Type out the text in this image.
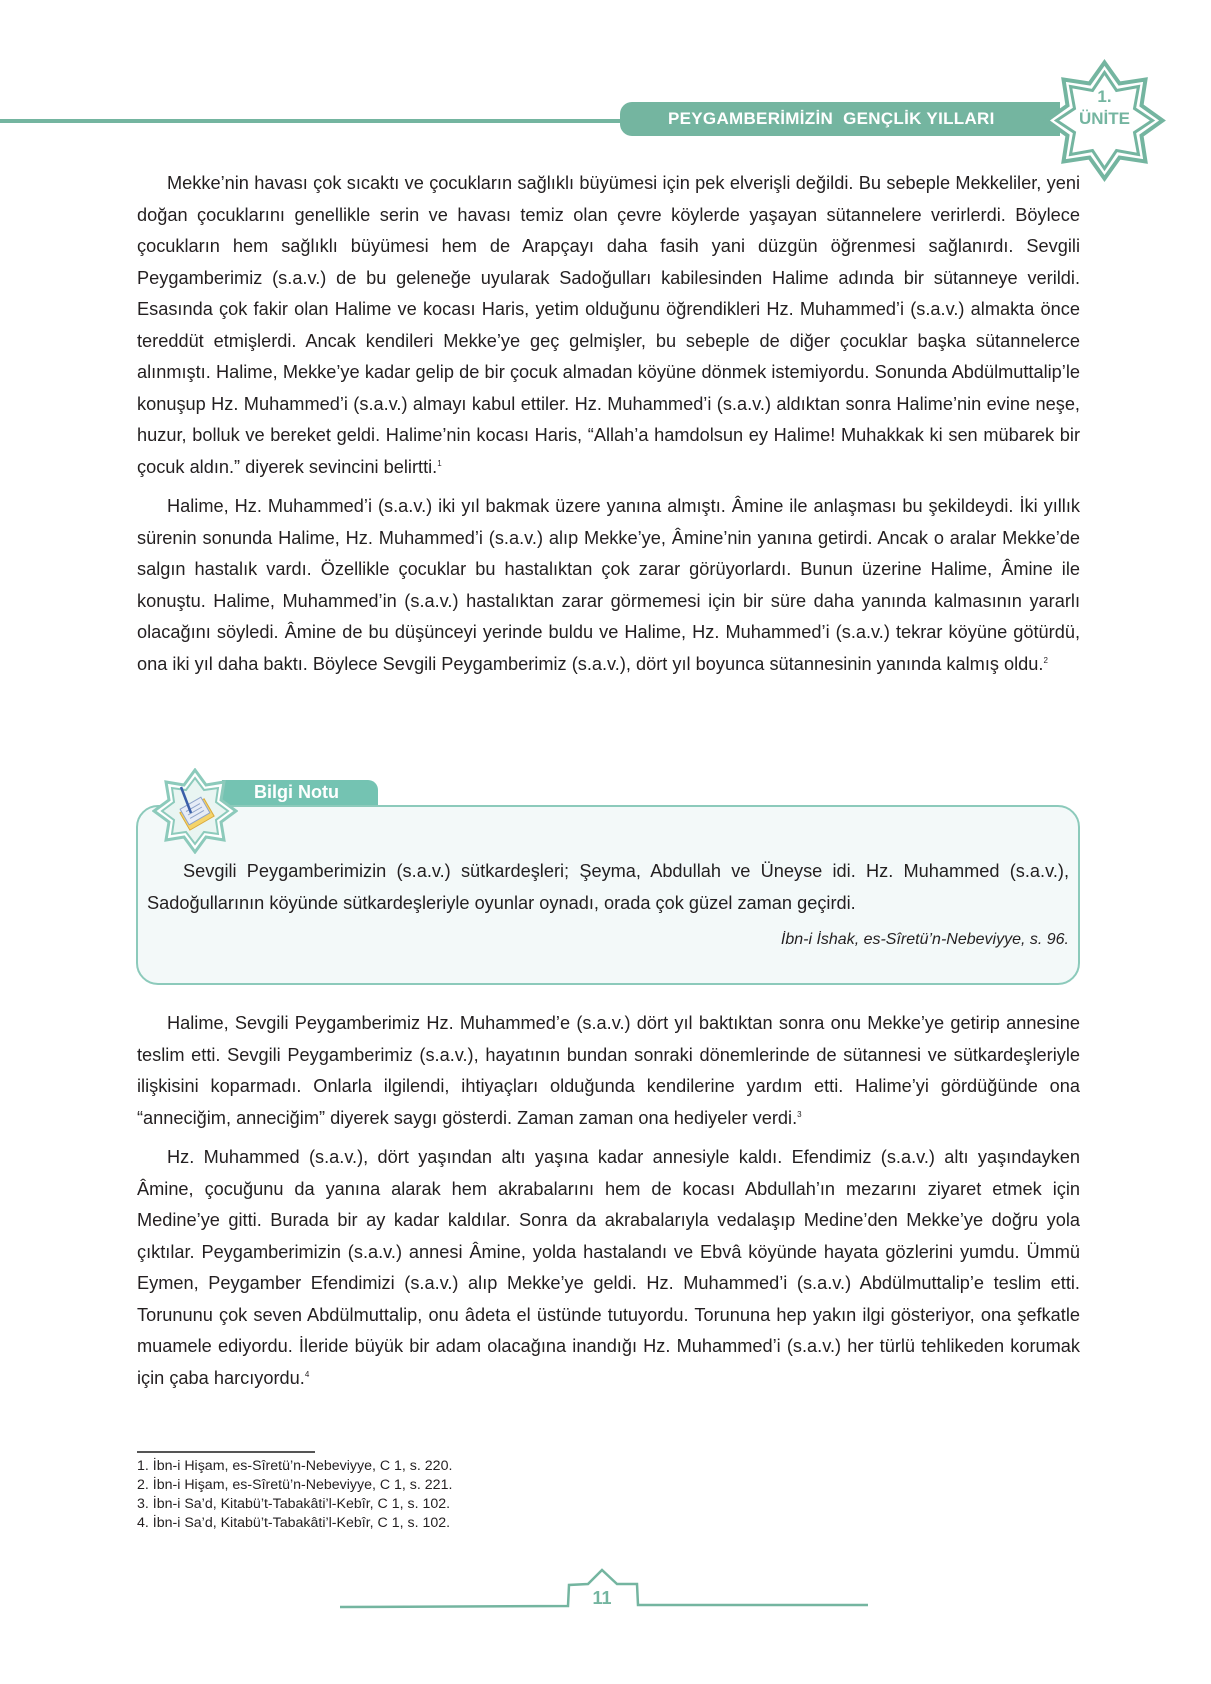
PEYGAMBERİMİZİN  GENÇLİK YILLARI
1.
ÜNİTE

Mekke’nin havası çok sıcaktı ve çocukların sağlıklı büyümesi için pek elverişli değildi. Bu sebeple Mekkeliler, yeni doğan çocuklarını genellikle serin ve havası temiz olan çevre köylerde yaşayan sütannelere verirlerdi. Böylece çocukların hem sağlıklı büyümesi hem de Arapçayı daha fasih yani düzgün öğrenmesi sağlanırdı. Sevgili Peygamberimiz (s.a.v.) de bu geleneğe uyularak Sadoğulları kabilesinden Halime adında bir sütanneye verildi. Esasında çok fakir olan Halime ve kocası Haris, yetim olduğunu öğrendikleri Hz. Muhammed’i (s.a.v.) almakta önce tereddüt etmişlerdi. Ancak kendileri Mekke’ye geç gelmişler, bu sebeple de diğer çocuklar başka sütannelerce alınmıştı. Halime, Mekke’ye kadar gelip de bir çocuk almadan köyüne dönmek istemiyordu. Sonunda Abdülmuttalip’le konuşup Hz. Muhammed’i (s.a.v.) almayı kabul ettiler. Hz. Muhammed’i (s.a.v.) aldıktan sonra Halime’nin evine neşe, huzur, bolluk ve bereket geldi. Halime’nin kocası Haris, “Allah’a hamdolsun ey Halime! Muhakkak ki sen mübarek bir çocuk aldın.” diyerek sevincini belirtti.$^1$

Halime, Hz. Muhammed’i (s.a.v.) iki yıl bakmak üzere yanına almıştı. Âmine ile anlaşması bu şekildeydi. İki yıllık sürenin sonunda Halime, Hz. Muhammed’i (s.a.v.) alıp Mekke’ye, Âmine’nin yanına getirdi. Ancak o aralar Mekke’de salgın hastalık vardı. Özellikle çocuklar bu hastalıktan çok zarar görüyorlardı. Bunun üzerine Halime, Âmine ile konuştu. Halime, Muhammed’in (s.a.v.) hastalıktan zarar görmemesi için bir süre daha yanında kalmasının yararlı olacağını söyledi. Âmine de bu düşünceyi yerinde buldu ve Halime, Hz. Muhammed’i (s.a.v.) tekrar köyüne götürdü, ona iki yıl daha baktı. Böylece Sevgili Peygamberimiz (s.a.v.), dört yıl boyunca sütannesinin yanında kalmış oldu.$^2$

Bilgi Notu

Sevgili Peygamberimizin (s.a.v.) sütkardeşleri; Şeyma, Abdullah ve Üneyse idi. Hz. Muhammed (s.a.v.), Sadoğullarının köyünde sütkardeşleriyle oyunlar oynadı, orada çok güzel zaman geçirdi.

İbn-i İshak, es-Sîretü’n-Nebeviyye, s. 96.

Halime, Sevgili Peygamberimiz Hz. Muhammed’e (s.a.v.) dört yıl baktıktan sonra onu Mekke’ye getirip annesine teslim etti. Sevgili Peygamberimiz (s.a.v.), hayatının bundan sonraki dönemlerinde de sütannesi ve sütkardeşleriyle ilişkisini koparmadı. Onlarla ilgilendi, ihtiyaçları olduğunda kendilerine yardım etti. Halime’yi gördüğünde ona “anneciğim, anneciğim” diyerek saygı gösterdi. Zaman zaman ona hediyeler verdi.$^3$

Hz. Muhammed (s.a.v.), dört yaşından altı yaşına kadar annesiyle kaldı. Efendimiz (s.a.v.) altı yaşındayken Âmine, çocuğunu da yanına alarak hem akrabalarını hem de kocası Abdullah’ın mezarını ziyaret etmek için Medine’ye gitti. Burada bir ay kadar kaldılar. Sonra da akrabalarıyla vedalaşıp Medine’den Mekke’ye doğru yola çıktılar. Peygamberimizin (s.a.v.) annesi Âmine, yolda hastalandı ve Ebvâ köyünde hayata gözlerini yumdu. Ümmü Eymen, Peygamber Efendimizi (s.a.v.) alıp Mekke’ye geldi. Hz. Muhammed’i (s.a.v.) Abdülmuttalip’e teslim etti. Torununu çok seven Abdülmuttalip, onu âdeta el üstünde tutuyordu. Torununa hep yakın ilgi gösteriyor, ona şefkatle muamele ediyordu. İleride büyük bir adam olacağına inandığı Hz. Muhammed’i (s.a.v.) her türlü tehlikeden korumak için çaba harcıyordu.$^4$

1. İbn-i Hişam, es-Sîretü’n-Nebeviyye, C 1, s. 220.
2. İbn-i Hişam, es-Sîretü’n-Nebeviyye, C 1, s. 221.
3. İbn-i Sa’d, Kitabü’t-Tabakâti’l-Kebîr, C 1, s. 102.
4. İbn-i Sa’d, Kitabü’t-Tabakâti’l-Kebîr, C 1, s. 102.
11
